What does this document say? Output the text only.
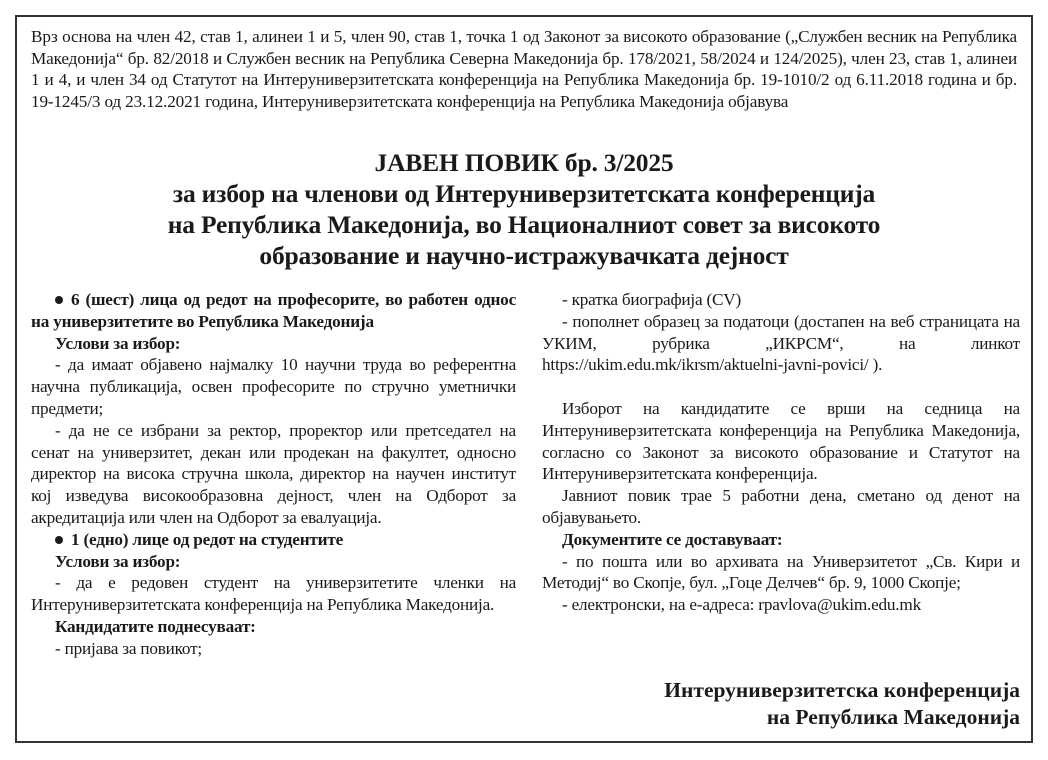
Врз основа на член 42, став 1, алинеи 1 и 5, член 90, став 1, точка 1 од Законот за високото образование („Службен весник на Република Македонија“ бр. 82/2018 и Службен весник на Република Северна Македонија бр. 178/2021, 58/2024 и 124/2025), член 23, став 1, алинеи 1 и 4, и член 34 од Статутот на Интеруниверзитетската конференција на Република Македонија бр. 19-1010/2 од 6.11.2018 година и бр. 19-1245/3 од 23.12.2021 година, Интеруниверзитетската конференција на Република Македонија објавува
ЈАВЕН ПОВИК бр. 3/2025
за избор на членови од Интеруниверзитетската конференција
на Република Македонија, во Националниот совет за високото
образование и научно-истражувачката дејност

6 (шест) лица од редот на професорите, во работен однос на универзитетите во Република Македонија

Услови за избор:

- да имаат објавено најмалку 10 научни труда во референтна научна публикација, освен професорите по стручно уметнички предмети;

- да не се избрани за ректор, проректор или претседател на сенат на универзитет, декан или продекан на факултет, односно директор на висока стручна школа, директор на научен институт кој изведува високообразовна дејност, член на Одборот за акредитација или член на Одборот за евалуација.

1 (едно) лице од редот на студентите

Услови за избор:

- да е редовен студент на универзитетите членки на Интеруниверзитетската конференција на Република Македонија.

Кандидатите поднесуваат:

- пријава за повикот;

- кратка биографија (CV)

- пополнет образец за податоци (достапен на веб страницата на УКИМ, рубрика „ИКРСМ“, на линкот https://ukim.edu.mk/ikrsm/aktuelni-javni-povici/ ).

Изборот на кандидатите се врши на седница на Интеруниверзитетската конференција на Република Македонија, согласно со Законот за високото образование и Статутот на Интеруниверзитетската конференција.

Јавниот повик трае 5 работни дена, сметано од денот на објавувањето.

Документите се доставуваат:

- по пошта или во архивата на Универзитетот „Св. Кири и Методиј“ во Скопје, бул. „Гоце Делчев“ бр. 9, 1000 Скопје;

- електронски, на е-адреса: rpavlova@ukim.edu.mk

Интеруниверзитетска конференција
на Република Македонија
